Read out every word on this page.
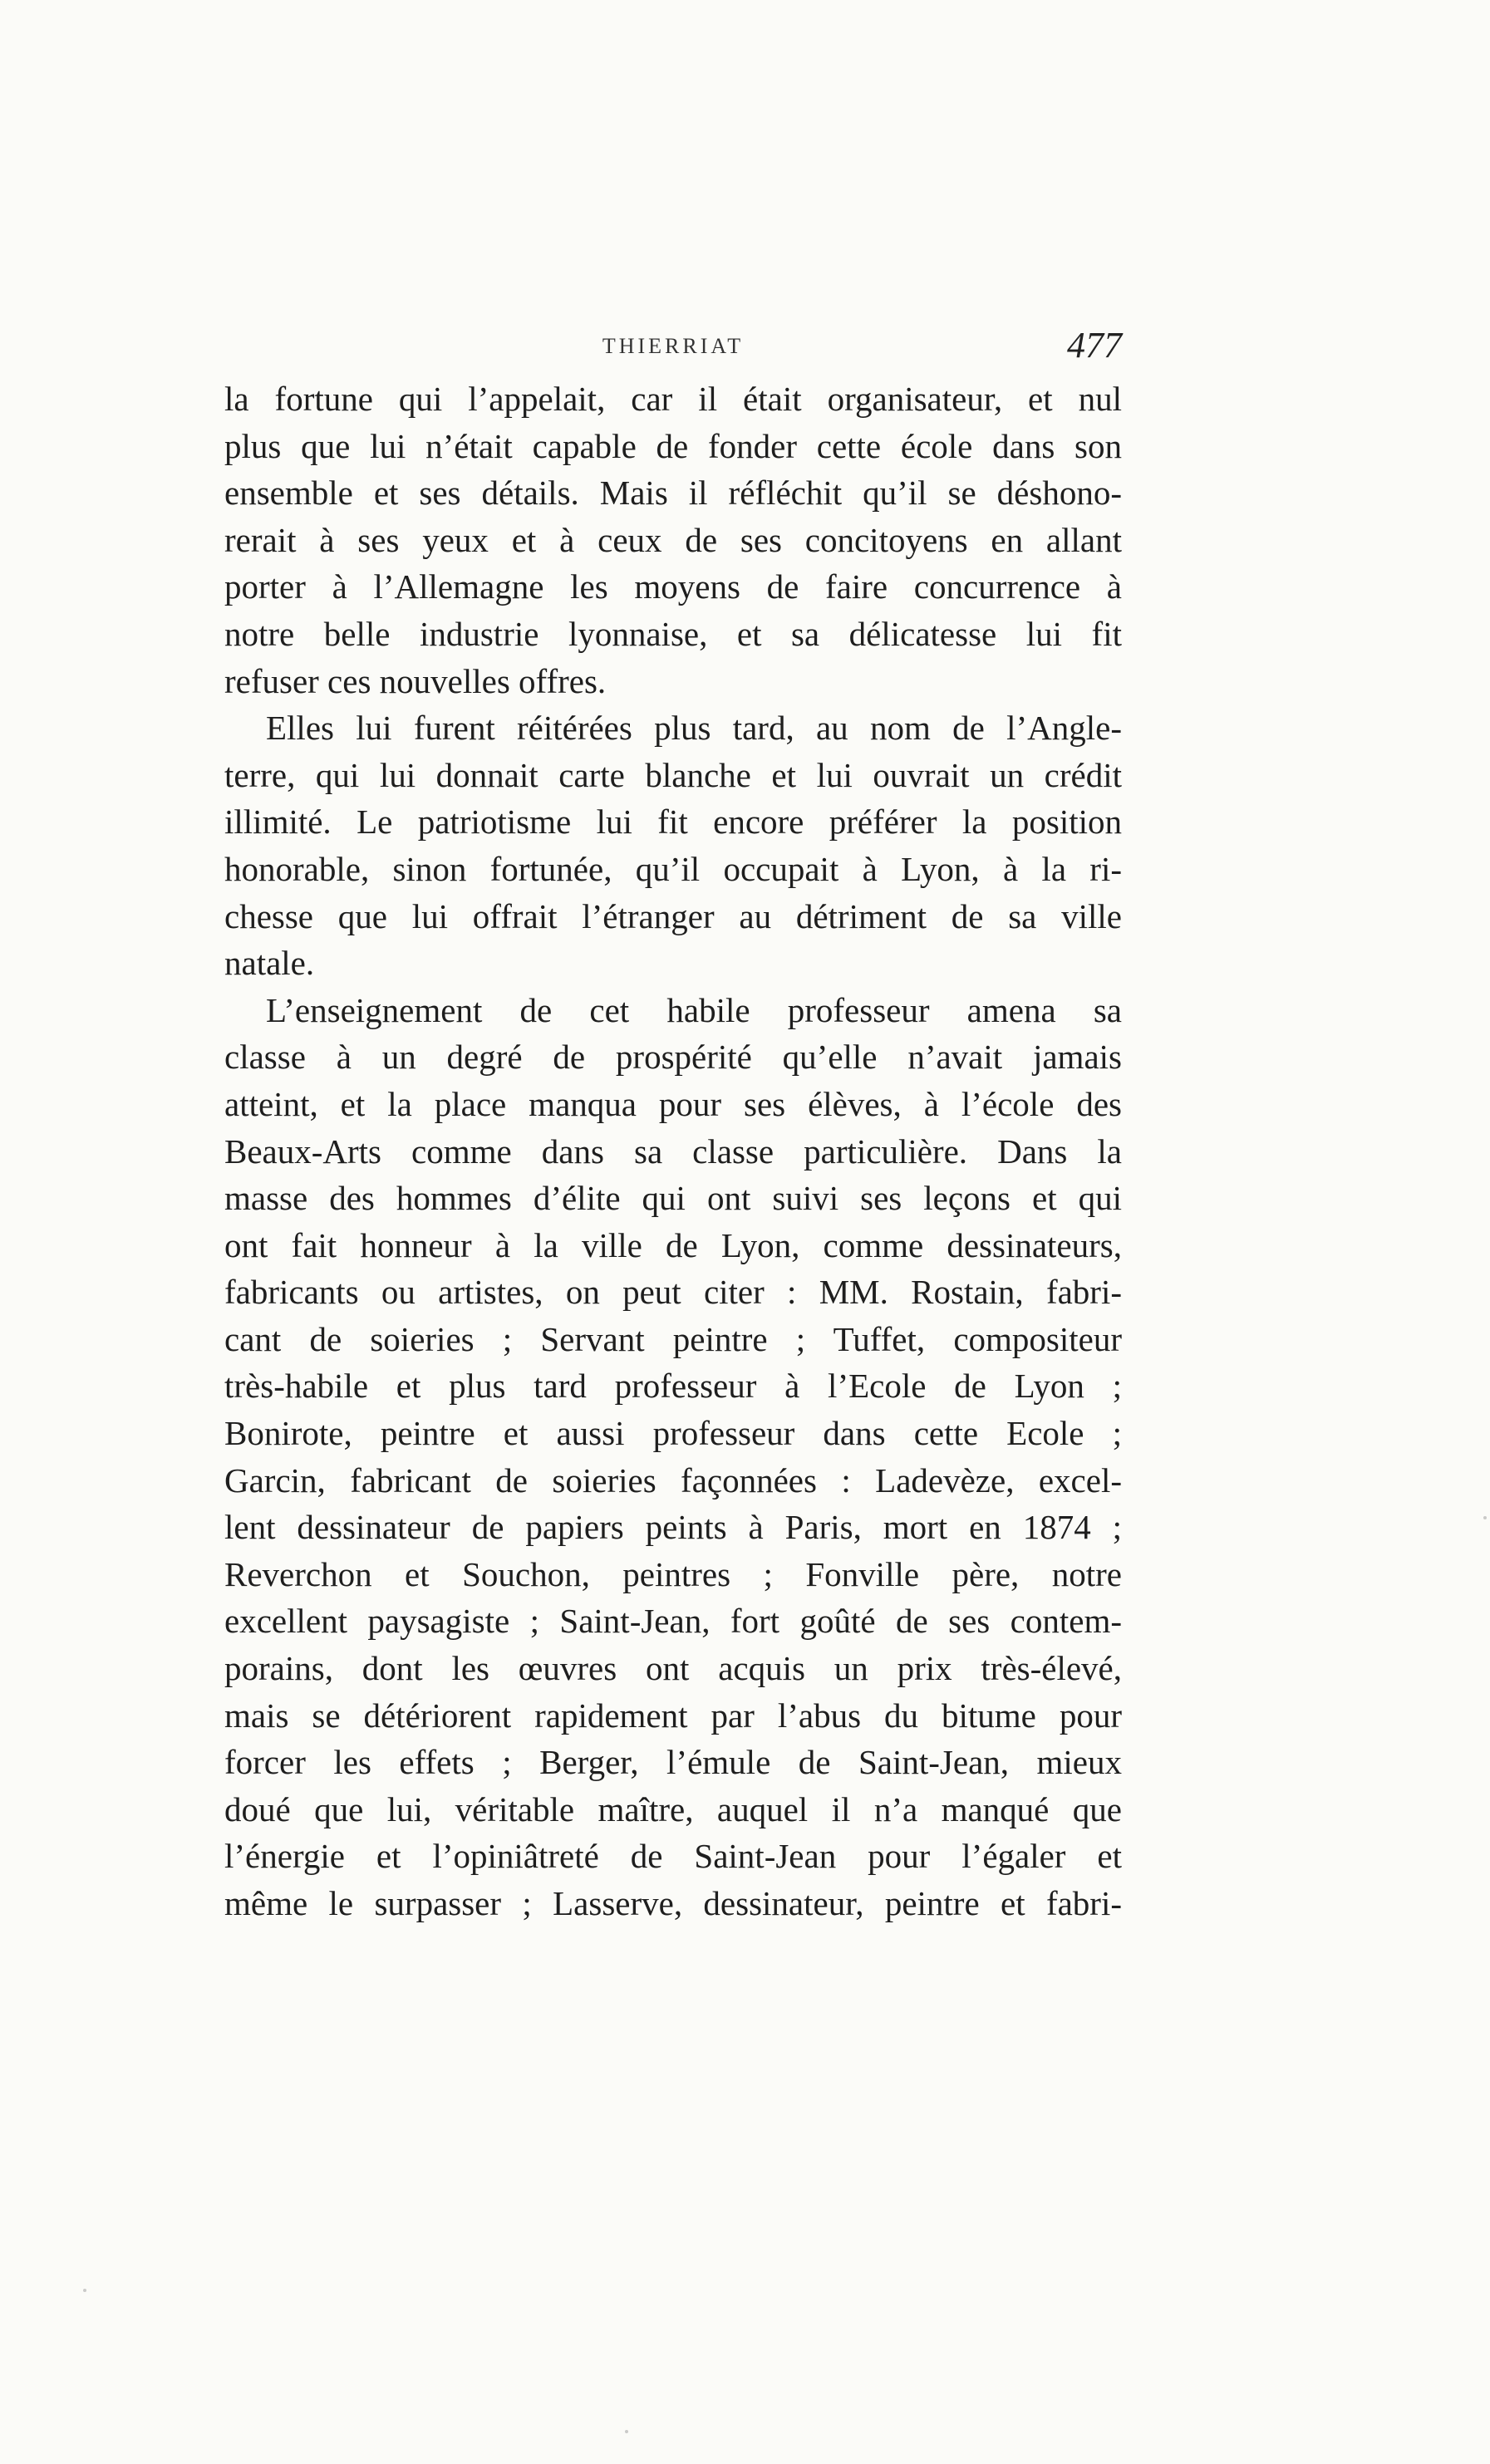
THIERRIAT	477
la fortune qui l’appelait, car il était organisateur, et nul
plus que lui n’était capable de fonder cette école dans son
ensemble et ses détails. Mais il réfléchit qu’il se déshono-
rerait à ses yeux et à ceux de ses concitoyens en allant
porter à l’Allemagne les moyens de faire concurrence à
notre belle industrie lyonnaise, et sa délicatesse lui fit
refuser ces nouvelles offres.
Elles lui furent réitérées plus tard, au nom de l’Angle-
terre, qui lui donnait carte blanche et lui ouvrait un crédit
illimité. Le patriotisme lui fit encore préférer la position
honorable, sinon fortunée, qu’il occupait à Lyon, à la ri-
chesse que lui offrait l’étranger au détriment de sa ville
natale.
L’enseignement de cet habile professeur amena sa
classe à un degré de prospérité qu’elle n’avait jamais
atteint, et la place manqua pour ses élèves, à l’école des
Beaux-Arts comme dans sa classe particulière. Dans la
masse des hommes d’élite qui ont suivi ses leçons et qui
ont fait honneur à la ville de Lyon, comme dessinateurs,
fabricants ou artistes, on peut citer : MM. Rostain, fabri-
cant de soieries ; Servant peintre ; Tuffet, compositeur
très-habile et plus tard professeur à l’Ecole de Lyon ;
Bonirote, peintre et aussi professeur dans cette Ecole ;
Garcin, fabricant de soieries façonnées : Ladevèze, excel-
lent dessinateur de papiers peints à Paris, mort en 1874 ;
Reverchon et Souchon, peintres ; Fonville père, notre
excellent paysagiste ; Saint-Jean, fort goûté de ses contem-
porains, dont les œuvres ont acquis un prix très-élevé,
mais se détériorent rapidement par l’abus du bitume pour
forcer les effets ; Berger, l’émule de Saint-Jean, mieux
doué que lui, véritable maître, auquel il n’a manqué que
l’énergie et l’opiniâtreté de Saint-Jean pour l’égaler et
même le surpasser ; Lasserve, dessinateur, peintre et fabri-
